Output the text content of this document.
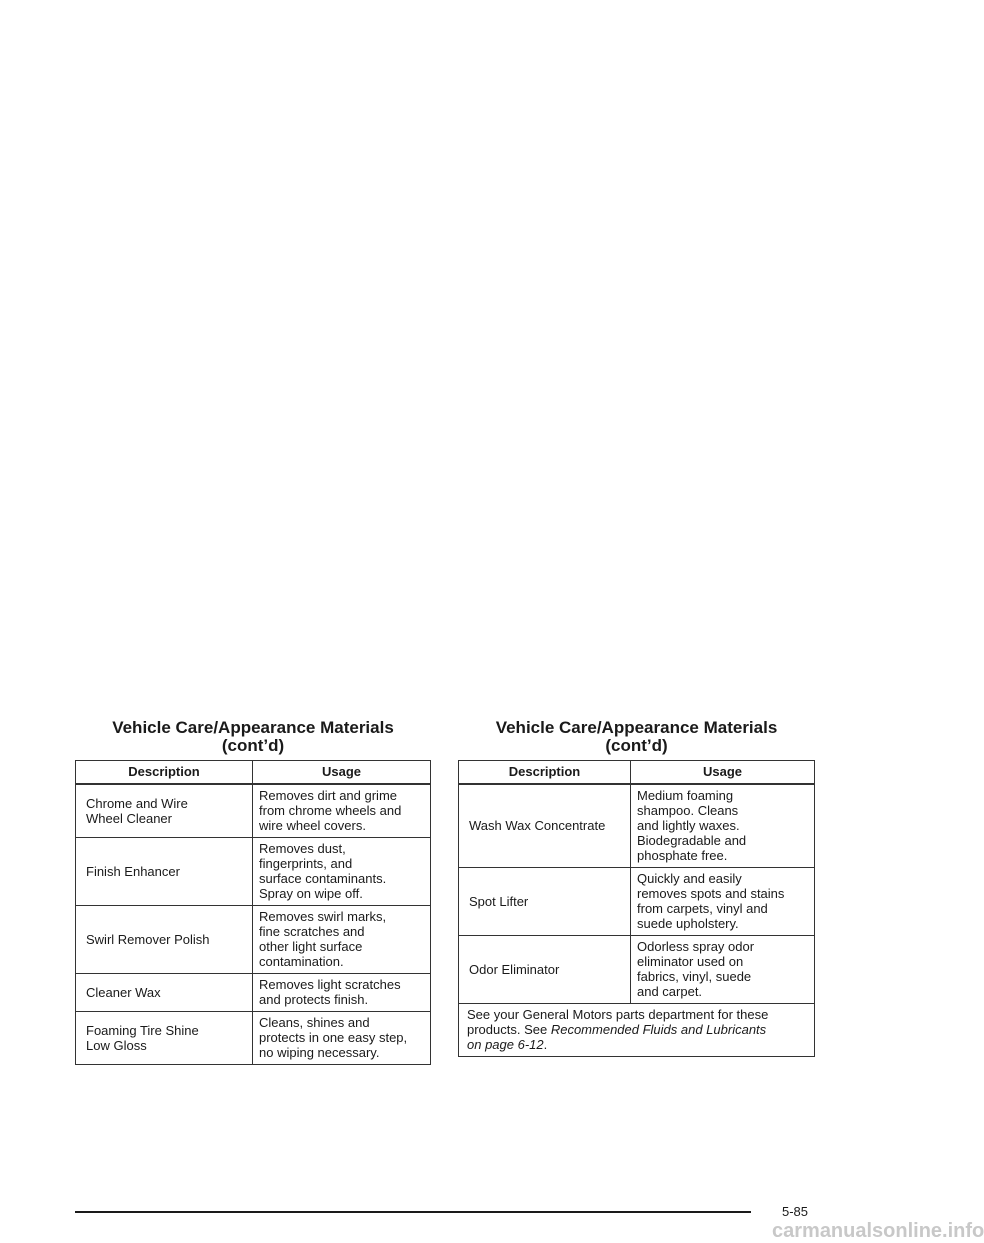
Vehicle Care/Appearance Materials
(cont’d)
Description	Usage
Chrome and Wire
Wheel Cleaner	Removes dirt and grime
from chrome wheels and
wire wheel covers.
Finish Enhancer	Removes dust,
fingerprints, and
surface contaminants.
Spray on wipe off.
Swirl Remover Polish	Removes swirl marks,
fine scratches and
other light surface
contamination.
Cleaner Wax	Removes light scratches
and protects finish.
Foaming Tire Shine
Low Gloss	Cleans, shines and
protects in one easy step,
no wiping necessary.
Vehicle Care/Appearance Materials
(cont’d)
Description	Usage
Wash Wax Concentrate	Medium foaming
shampoo. Cleans
and lightly waxes.
Biodegradable and
phosphate free.
Spot Lifter	Quickly and easily
removes spots and stains
from carpets, vinyl and
suede upholstery.
Odor Eliminator	Odorless spray odor
eliminator used on
fabrics, vinyl, suede
and carpet.
See your General Motors parts department for these
products. See Recommended Fluids and Lubricants
on page 6-12.	
5-85
carmanualsonline.info
